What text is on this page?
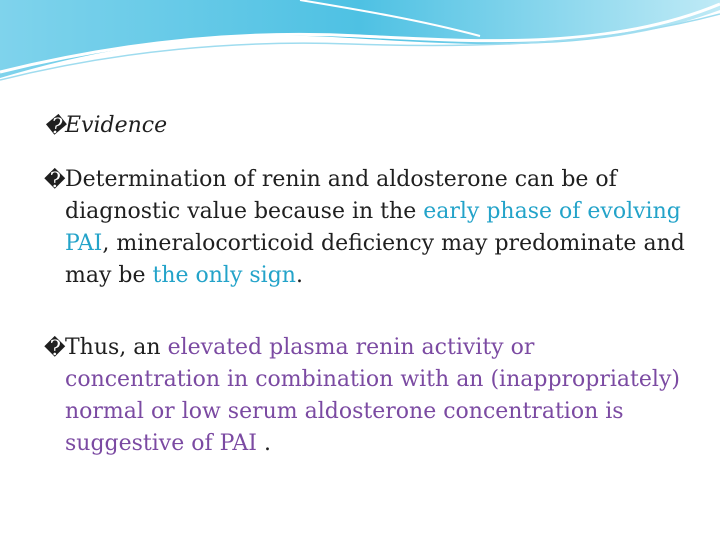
� Evidence
� Determination of renin and aldosterone can be of diagnostic value because in the early phase of evolving PAI, mineralocorticoid deficiency may predominate and may be the only sign.
� Thus, an elevated plasma renin activity or concentration in combination with an (inappropriately) normal or low serum aldosterone concentration is suggestive of PAI .
